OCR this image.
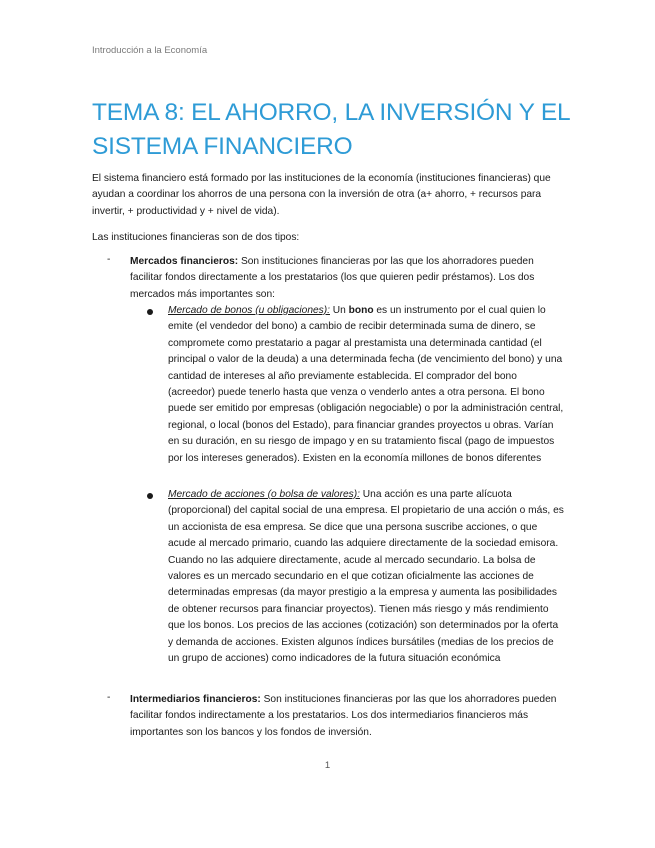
Introducción a la Economía
TEMA 8: EL AHORRO, LA INVERSIÓN Y EL SISTEMA FINANCIERO

El sistema financiero está formado por las instituciones de la economía (instituciones financieras) que ayudan a coordinar los ahorros de una persona con la inversión de otra (a+ ahorro, + recursos para invertir, + productividad y + nivel de vida).

Las instituciones financieras son de dos tipos:

- Mercados financieros: Son instituciones financieras por las que los ahorradores pueden facilitar fondos directamente a los prestatarios (los que quieren pedir préstamos). Los dos mercados más importantes son:
Mercado de bonos (u obligaciones): Un bono es un instrumento por el cual quien lo emite (el vendedor del bono) a cambio de recibir determinada suma de dinero, se compromete como prestatario a pagar al prestamista una determinada cantidad (el principal o valor de la deuda) a una determinada fecha (de vencimiento del bono) y una cantidad de intereses al año previamente establecida. El comprador del bono (acreedor) puede tenerlo hasta que venza o venderlo antes a otra persona. El bono puede ser emitido por empresas (obligación negociable) o por la administración central, regional, o local (bonos del Estado), para financiar grandes proyectos u obras. Varían en su duración, en su riesgo de impago y en su tratamiento fiscal (pago de impuestos por los intereses generados). Existen en la economía millones de bonos diferentes
Mercado de acciones (o bolsa de valores): Una acción es una parte alícuota (proporcional) del capital social de una empresa. El propietario de una acción o más, es un accionista de esa empresa. Se dice que una persona suscribe acciones, o que acude al mercado primario, cuando las adquiere directamente de la sociedad emisora. Cuando no las adquiere directamente, acude al mercado secundario. La bolsa de valores es un mercado secundario en el que cotizan oficialmente las acciones de determinadas empresas (da mayor prestigio a la empresa y aumenta las posibilidades de obtener recursos para financiar proyectos). Tienen más riesgo y más rendimiento que los bonos. Los precios de las acciones (cotización) son determinados por la oferta y demanda de acciones. Existen algunos índices bursátiles (medias de los precios de un grupo de acciones) como indicadores de la futura situación económica
- Intermediarios financieros: Son instituciones financieras por las que los ahorradores pueden facilitar fondos indirectamente a los prestatarios. Los dos intermediarios financieros más importantes son los bancos y los fondos de inversión.
1
